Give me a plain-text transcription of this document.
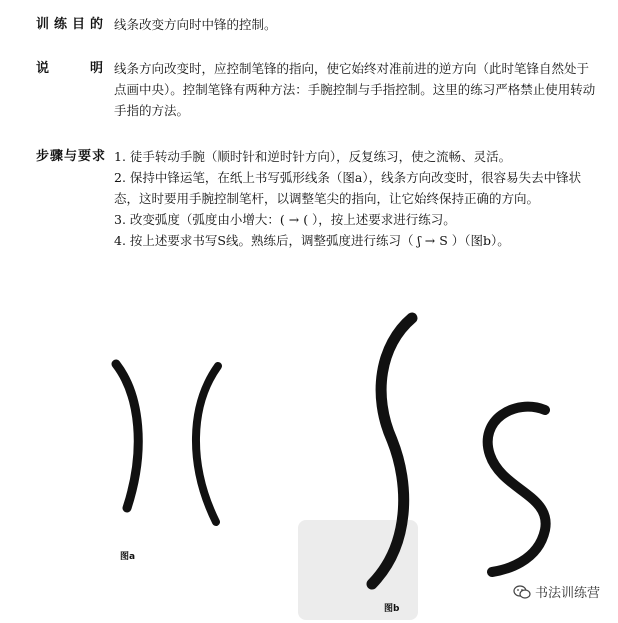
训 练 目 的 线条改变方向时中锋的控制。
说	明 线条方向改变时，应控制笔锋的指向，使它始终对准前进的逆方向（此时笔锋自然处于点画中央）。控制笔锋有两种方法：手腕控制与手指控制。这里的练习严格禁止使用转动手指的方法。

步骤与要求 1. 徒手转动手腕（顺时针和逆时针方向），反复练习，使之流畅、灵活。

2. 保持中锋运笔，在纸上书写弧形线条（图a），线条方向改变时，很容易失去中锋状态，这时要用手腕控制笔杆，以调整笔尖的指向，让它始终保持正确的方向。

3. 改变弧度（弧度由小增大：( → ( ），按上述要求进行练习。

4. 按上述要求书写S线。熟练后，调整弧度进行练习（ ʃ → S ）（图b）。

图a
图b
书法训练营
